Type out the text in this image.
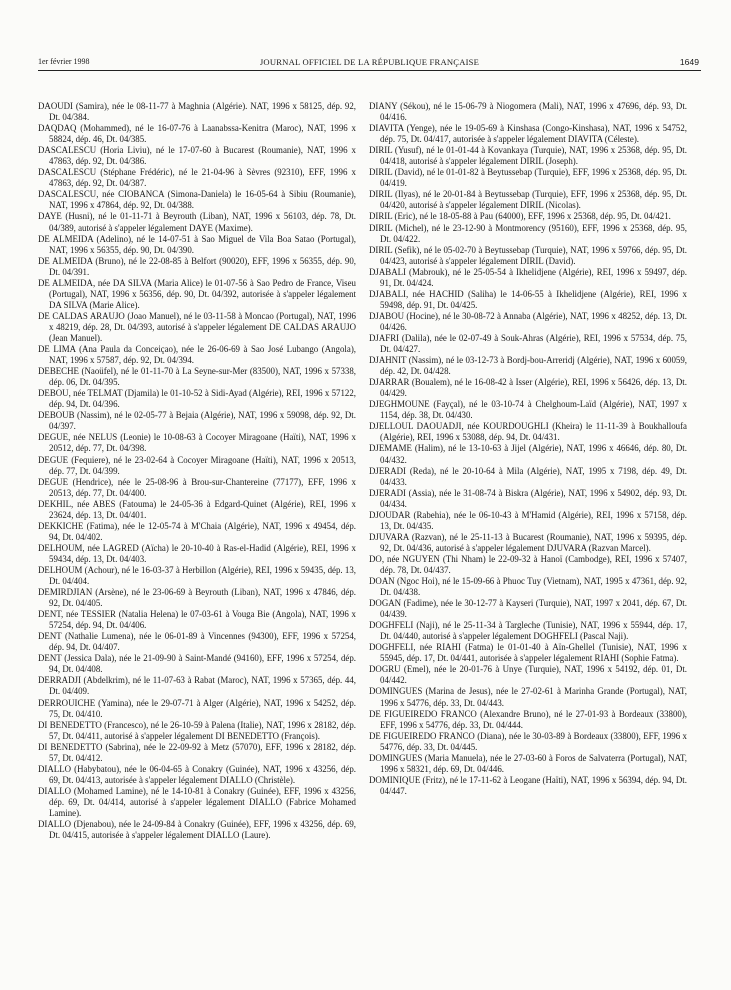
1er février 1998	JOURNAL OFFICIEL DE LA RÉPUBLIQUE FRANÇAISE	1649

DAOUDI (Samira), née le 08-11-77 à Maghnia (Algérie). NAT, 1996 x 58125, dép. 92, Dt. 04/384.

DAQDAQ (Mohammed), né le 16-07-76 à Laanabssa-Kenitra (Maroc), NAT, 1996 x 58824, dép. 46, Dt. 04/385.

DASCALESCU (Horia Liviu), né le 17-07-60 à Bucarest (Roumanie), NAT, 1996 x 47863, dép. 92, Dt. 04/386.

DASCALESCU (Stéphane Frédéric), né le 21-04-96 à Sèvres (92310), EFF, 1996 x 47863, dép. 92, Dt. 04/387.

DASCALESCU, née CIOBANCA (Simona-Daniela) le 16-05-64 à Sibiu (Roumanie), NAT, 1996 x 47864, dép. 92, Dt. 04/388.

DAYE (Husni), né le 01-11-71 à Beyrouth (Liban), NAT, 1996 x 56103, dép. 78, Dt. 04/389, autorisé à s'appeler légalement DAYE (Maxime).

DE ALMEIDA (Adelino), né le 14-07-51 à Sao Miguel de Vila Boa Satao (Portugal), NAT, 1996 x 56355, dép. 90, Dt. 04/390.

DE ALMEIDA (Bruno), né le 22-08-85 à Belfort (90020), EFF, 1996 x 56355, dép. 90, Dt. 04/391.

DE ALMEIDA, née DA SILVA (Maria Alice) le 01-07-56 à Sao Pedro de France, Viseu (Portugal), NAT, 1996 x 56356, dép. 90, Dt. 04/392, autorisée à s'appeler légalement DA SILVA (Marie Alice).

DE CALDAS ARAUJO (Joao Manuel), né le 03-11-58 à Moncao (Portugal), NAT, 1996 x 48219, dép. 28, Dt. 04/393, autorisé à s'appeler légalement DE CALDAS ARAUJO (Jean Manuel).

DE LIMA (Ana Paula da Conceiçao), née le 26-06-69 à Sao José Lubango (Angola), NAT, 1996 x 57587, dép. 92, Dt. 04/394.

DEBECHE (Naoüfel), né le 01-11-70 à La Seyne-sur-Mer (83500), NAT, 1996 x 57338, dép. 06, Dt. 04/395.

DEBOU, née TELMAT (Djamila) le 01-10-52 à Sidi-Ayad (Algérie), REI, 1996 x 57122, dép. 94, Dt. 04/396.

DEBOUB (Nassim), né le 02-05-77 à Bejaia (Algérie), NAT, 1996 x 59098, dép. 92, Dt. 04/397.

DEGUE, née NELUS (Leonie) le 10-08-63 à Cocoyer Miragoane (Haïti), NAT, 1996 x 20512, dép. 77, Dt. 04/398.

DEGUE (Fequiere), né le 23-02-64 à Cocoyer Miragoane (Haïti), NAT, 1996 x 20513, dép. 77, Dt. 04/399.

DEGUE (Hendrice), née le 25-08-96 à Brou-sur-Chantereine (77177), EFF, 1996 x 20513, dép. 77, Dt. 04/400.

DEKHIL, née ABES (Fatouma) le 24-05-36 à Edgard-Quinet (Algérie), REI, 1996 x 23624, dép. 13, Dt. 04/401.

DEKKICHE (Fatima), née le 12-05-74 à M'Chaia (Algérie), NAT, 1996 x 49454, dép. 94, Dt. 04/402.

DELHOUM, née LAGRED (Aïcha) le 20-10-40 à Ras-el-Hadid (Algérie), REI, 1996 x 59434, dép. 13, Dt. 04/403.

DELHOUM (Achour), né le 16-03-37 à Herbillon (Algérie), REI, 1996 x 59435, dép. 13, Dt. 04/404.

DEMIRDJIAN (Arsène), né le 23-06-69 à Beyrouth (Liban), NAT, 1996 x 47846, dép. 92, Dt. 04/405.

DENT, née TESSIER (Natalia Helena) le 07-03-61 à Vouga Bie (Angola), NAT, 1996 x 57254, dép. 94, Dt. 04/406.

DENT (Nathalie Lumena), née le 06-01-89 à Vincennes (94300), EFF, 1996 x 57254, dép. 94, Dt. 04/407.

DENT (Jessica Dala), née le 21-09-90 à Saint-Mandé (94160), EFF, 1996 x 57254, dép. 94, Dt. 04/408.

DERRADJI (Abdelkrim), né le 11-07-63 à Rabat (Maroc), NAT, 1996 x 57365, dép. 44, Dt. 04/409.

DERROUICHE (Yamina), née le 29-07-71 à Alger (Algérie), NAT, 1996 x 54252, dép. 75, Dt. 04/410.

DI BENEDETTO (Francesco), né le 26-10-59 à Palena (Italie), NAT, 1996 x 28182, dép. 57, Dt. 04/411, autorisé à s'appeler légalement DI BENEDETTO (François).

DI BENEDETTO (Sabrina), née le 22-09-92 à Metz (57070), EFF, 1996 x 28182, dép. 57, Dt. 04/412.

DIALLO (Habybatou), née le 06-04-65 à Conakry (Guinée), NAT, 1996 x 43256, dép. 69, Dt. 04/413, autorisée à s'appeler légalement DIALLO (Christèle).

DIALLO (Mohamed Lamine), né le 14-10-81 à Conakry (Guinée), EFF, 1996 x 43256, dép. 69, Dt. 04/414, autorisé à s'appeler légalement DIALLO (Fabrice Mohamed Lamine).

DIALLO (Djenabou), née le 24-09-84 à Conakry (Guinée), EFF, 1996 x 43256, dép. 69, Dt. 04/415, autorisée à s'appeler légalement DIALLO (Laure).

DIANY (Sékou), né le 15-06-79 à Niogomera (Mali), NAT, 1996 x 47696, dép. 93, Dt. 04/416.

DIAVITA (Yenge), née le 19-05-69 à Kinshasa (Congo-Kinshasa), NAT, 1996 x 54752, dép. 75, Dt. 04/417, autorisée à s'appeler légalement DIAVITA (Céleste).

DIRIL (Yusuf), né le 01-01-44 à Kovankaya (Turquie), NAT, 1996 x 25368, dép. 95, Dt. 04/418, autorisé à s'appeler légalement DIRIL (Joseph).

DIRIL (David), né le 01-01-82 à Beytussebap (Turquie), EFF, 1996 x 25368, dép. 95, Dt. 04/419.

DIRIL (Ilyas), né le 20-01-84 à Beytussebap (Turquie), EFF, 1996 x 25368, dép. 95, Dt. 04/420, autorisé à s'appeler légalement DIRIL (Nicolas).

DIRIL (Eric), né le 18-05-88 à Pau (64000), EFF, 1996 x 25368, dép. 95, Dt. 04/421.

DIRIL (Michel), né le 23-12-90 à Montmorency (95160), EFF, 1996 x 25368, dép. 95, Dt. 04/422.

DIRIL (Sefik), né le 05-02-70 à Beytussebap (Turquie), NAT, 1996 x 59766, dép. 95, Dt. 04/423, autorisé à s'appeler légalement DIRIL (David).

DJABALI (Mabrouk), né le 25-05-54 à Ikhelidjene (Algérie), REI, 1996 x 59497, dép. 91, Dt. 04/424.

DJABALI, née HACHID (Saliha) le 14-06-55 à Ikhelidjene (Algérie), REI, 1996 x 59498, dép. 91, Dt. 04/425.

DJABOU (Hocine), né le 30-08-72 à Annaba (Algérie), NAT, 1996 x 48252, dép. 13, Dt. 04/426.

DJAFRI (Dalila), née le 02-07-49 à Souk-Ahras (Algérie), REI, 1996 x 57534, dép. 75, Dt. 04/427.

DJAHNIT (Nassim), né le 03-12-73 à Bordj-bou-Arreridj (Algérie), NAT, 1996 x 60059, dép. 42, Dt. 04/428.

DJARRAR (Boualem), né le 16-08-42 à Isser (Algérie), REI, 1996 x 56426, dép. 13, Dt. 04/429.

DJEGHMOUNE (Fayçal), né le 03-10-74 à Chelghoum-Laïd (Algérie), NAT, 1997 x 1154, dép. 38, Dt. 04/430.

DJELLOUL DAOUADJI, née KOURDOUGHLI (Kheira) le 11-11-39 à Boukhalloufa (Algérie), REI, 1996 x 53088, dép. 94, Dt. 04/431.

DJEMAME (Halim), né le 13-10-63 à Jijel (Algérie), NAT, 1996 x 46646, dép. 80, Dt. 04/432.

DJERADI (Reda), né le 20-10-64 à Mila (Algérie), NAT, 1995 x 7198, dép. 49, Dt. 04/433.

DJERADI (Assia), née le 31-08-74 à Biskra (Algérie), NAT, 1996 x 54902, dép. 93, Dt. 04/434.

DJOUDAR (Rabehia), née le 06-10-43 à M'Hamid (Algérie), REI, 1996 x 57158, dép. 13, Dt. 04/435.

DJUVARA (Razvan), né le 25-11-13 à Bucarest (Roumanie), NAT, 1996 x 59395, dép. 92, Dt. 04/436, autorisé à s'appeler légalement DJUVARA (Razvan Marcel).

DO, née NGUYEN (Thi Nham) le 22-09-32 à Hanoï (Cambodge), REI, 1996 x 57407, dép. 78, Dt. 04/437.

DOAN (Ngoc Hoi), né le 15-09-66 à Phuoc Tuy (Vietnam), NAT, 1995 x 47361, dép. 92, Dt. 04/438.

DOGAN (Fadime), née le 30-12-77 à Kayseri (Turquie), NAT, 1997 x 2041, dép. 67, Dt. 04/439.

DOGHFELI (Naji), né le 25-11-34 à Targleche (Tunisie), NAT, 1996 x 55944, dép. 17, Dt. 04/440, autorisé à s'appeler légalement DOGHFELI (Pascal Naji).

DOGHFELI, née RIAHI (Fatma) le 01-01-40 à Aïn-Ghellel (Tunisie), NAT, 1996 x 55945, dép. 17, Dt. 04/441, autorisée à s'appeler légalement RIAHI (Sophie Fatma).

DOGRU (Emel), née le 20-01-76 à Unye (Turquie), NAT, 1996 x 54192, dép. 01, Dt. 04/442.

DOMINGUES (Marina de Jesus), née le 27-02-61 à Marinha Grande (Portugal), NAT, 1996 x 54776, dép. 33, Dt. 04/443.

DE FIGUEIREDO FRANCO (Alexandre Bruno), né le 27-01-93 à Bordeaux (33800), EFF, 1996 x 54776, dép. 33, Dt. 04/444.

DE FIGUEIREDO FRANCO (Diana), née le 30-03-89 à Bordeaux (33800), EFF, 1996 x 54776, dép. 33, Dt. 04/445.

DOMINGUES (Maria Manuela), née le 27-03-60 à Foros de Salvaterra (Portugal), NAT, 1996 x 58321, dép. 69, Dt. 04/446.

DOMINIQUE (Fritz), né le 17-11-62 à Leogane (Haïti), NAT, 1996 x 56394, dép. 94, Dt. 04/447.
